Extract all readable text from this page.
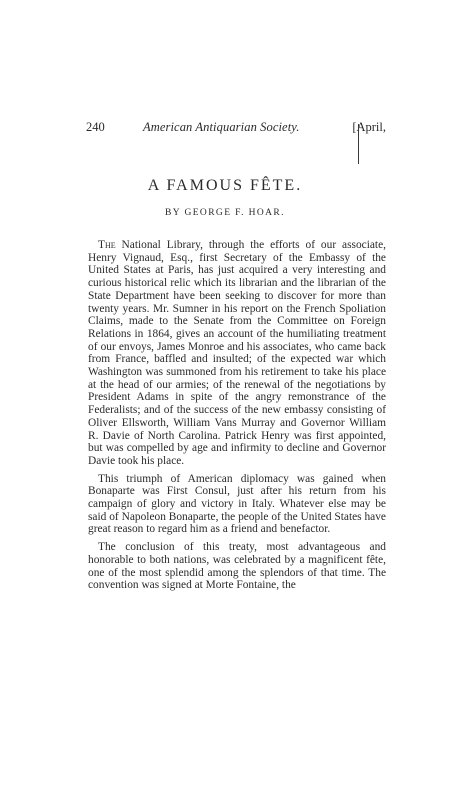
240	American Antiquarian Society.	[April,
A FAMOUS FÊTE.
BY GEORGE F. HOAR.

The National Library, through the efforts of our associate, Henry Vignaud, Esq., first Secretary of the Embassy of the United States at Paris, has just acquired a very interesting and curious historical relic which its librarian and the librarian of the State Department have been seeking to discover for more than twenty years. Mr. Sumner in his report on the French Spoliation Claims, made to the Senate from the Committee on Foreign Relations in 1864, gives an account of the humiliating treatment of our envoys, James Monroe and his associates, who came back from France, baffled and insulted; of the expected war which Washington was summoned from his retirement to take his place at the head of our armies; of the renewal of the negotiations by President Adams in spite of the angry remonstrance of the Federalists; and of the success of the new embassy consisting of Oliver Ellsworth, William Vans Murray and Governor William R. Davie of North Carolina. Patrick Henry was first appointed, but was compelled by age and infirmity to decline and Governor Davie took his place.

This triumph of American diplomacy was gained when Bonaparte was First Consul, just after his return from his campaign of glory and victory in Italy. Whatever else may be said of Napoleon Bonaparte, the people of the United States have great reason to regard him as a friend and benefactor.

The conclusion of this treaty, most advantageous and honorable to both nations, was celebrated by a magnificent fête, one of the most splendid among the splendors of that time. The convention was signed at Morte Fontaine, the
